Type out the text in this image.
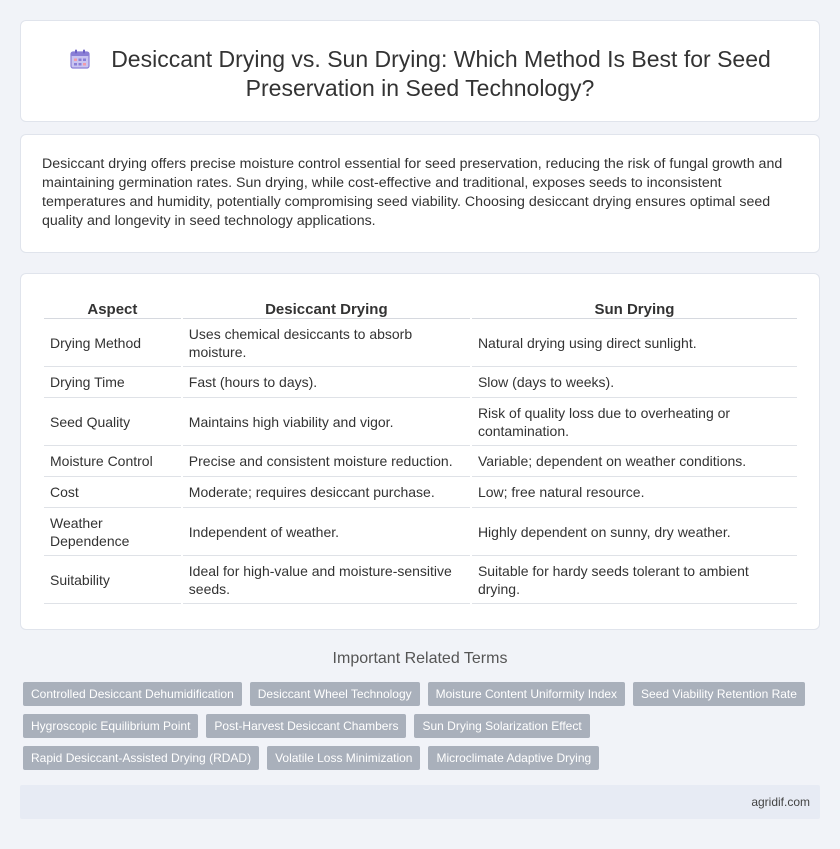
Desiccant Drying vs. Sun Drying: Which Method Is Best for Seed Preservation in Seed Technology?

Desiccant drying offers precise moisture control essential for seed preservation, reducing the risk of fungal growth and maintaining germination rates. Sun drying, while cost-effective and traditional, exposes seeds to inconsistent temperatures and humidity, potentially compromising seed viability. Choosing desiccant drying ensures optimal seed quality and longevity in seed technology applications.

Aspect	Desiccant Drying	Sun Drying
Drying Method	Uses chemical desiccants to absorb moisture.	Natural drying using direct sunlight.
Drying Time	Fast (hours to days).	Slow (days to weeks).
Seed Quality	Maintains high viability and vigor.	Risk of quality loss due to overheating or contamination.
Moisture Control	Precise and consistent moisture reduction.	Variable; dependent on weather conditions.
Cost	Moderate; requires desiccant purchase.	Low; free natural resource.
Weather Dependence	Independent of weather.	Highly dependent on sunny, dry weather.
Suitability	Ideal for high-value and moisture-sensitive seeds.	Suitable for hardy seeds tolerant to ambient drying.
Important Related Terms
Controlled Desiccant Dehumidification	Desiccant Wheel Technology	Moisture Content Uniformity Index	Seed Viability Retention Rate
Hygroscopic Equilibrium Point	Post-Harvest Desiccant Chambers	Sun Drying Solarization Effect
Rapid Desiccant-Assisted Drying (RDAD)	Volatile Loss Minimization	Microclimate Adaptive Drying
agridif.com
